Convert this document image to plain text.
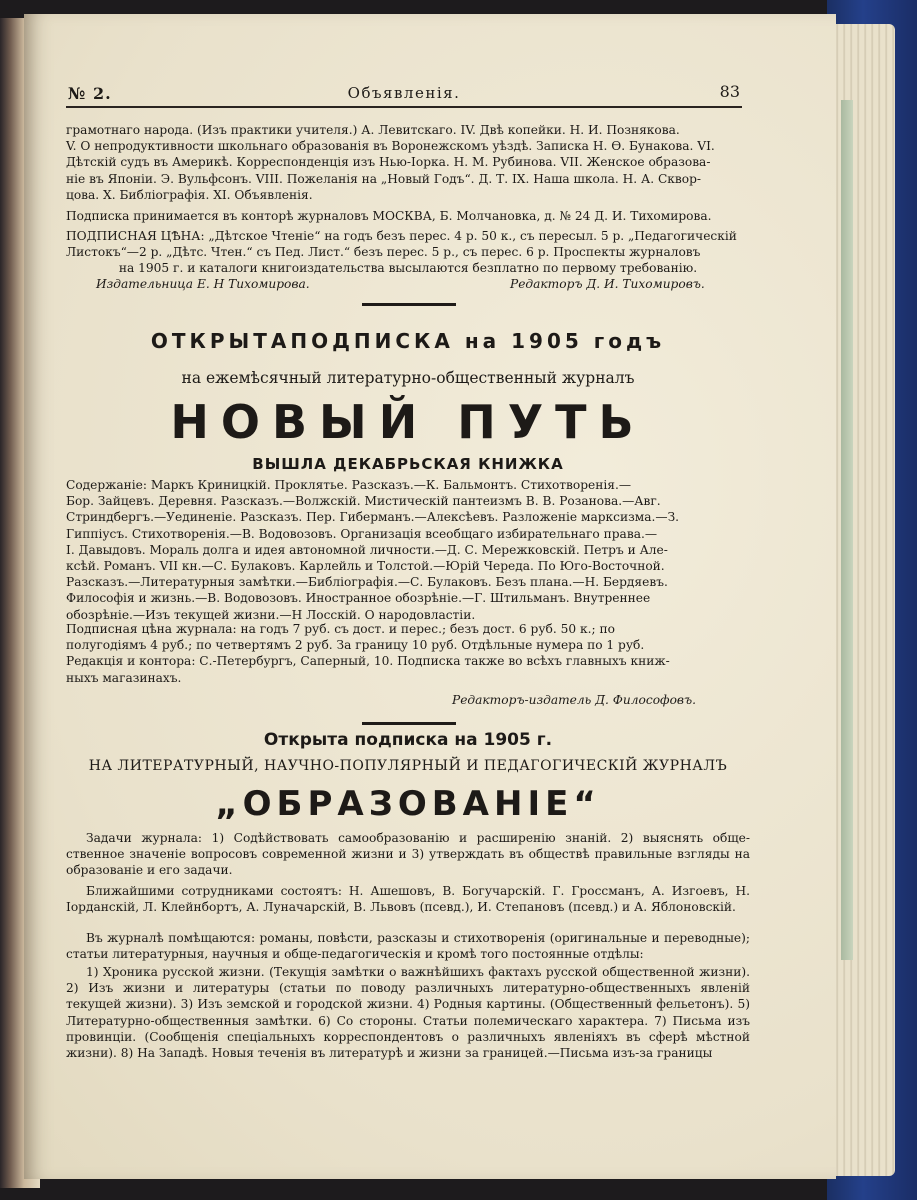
№ 2.	Объявленія.	83
грамотнаго народа. (Изъ практики учителя.) А. Левитскаго. IV. Двѣ копейки. Н. И. Познякова.
V. О непродуктивности школьнаго образованія въ Воронежскомъ уѣздѣ. Записка Н. Ѳ. Бунакова. VI.
Дѣтскій судъ въ Америкѣ. Корреспонденція изъ Нью-Іорка. Н. М. Рубинова. VII. Женское образова-
ніе въ Японіи. Э. Вульфсонъ. VIII. Пожеланія на „Новый Годъ“. Д. Т. IX. Наша школа. Н. А. Сквор-
цова. X. Библіографія. XI. Объявленія.
Подписка принимается въ конторѣ журналовъ МОСКВА, Б. Молчановка, д. № 24 Д. И. Тихомирова.
ПОДПИСНАЯ ЦѢНА: „Дѣтское Чтеніе“ на годъ безъ перес. 4 р. 50 к., съ пересыл. 5 р. „Педагогическій
Листокъ“—2 р. „Дѣтс. Чтен.“ съ Пед. Лист.“ безъ перес. 5 р., съ перес. 6 р. Проспекты журналовъ
на 1905 г. и каталоги книгоиздательства высылаются безплатно по первому требованію.
Издательница Е. Н Тихомирова.	Редакторъ Д. И. Тихомировъ.
ОТКРЫТАПОДПИСКА на 1905 годъ
на ежемѣсячный литературно-общественный журналъ
НОВЫЙ ПУТЬ
ВЫШЛА ДЕКАБРЬСКАЯ КНИЖКА
Содержаніе: Маркъ Криницкій. Проклятье. Разсказъ.—К. Бальмонтъ. Стихотворенія.—
Бор. Зайцевъ. Деревня. Разсказъ.—Волжскій. Мистическій пантеизмъ В. В. Розанова.—Авг.
Стриндбергъ.—Уединеніе. Разсказъ. Пер. Гиберманъ.—Алексѣевъ. Разложеніе марксизма.—З.
Гиппіусъ. Стихотворенія.—В. Водовозовъ. Организація всеобщаго избирательнаго права.—
І. Давыдовъ. Мораль долга и идея автономной личности.—Д. С. Мережковскій. Петръ и Але-
ксѣй. Романъ. VII кн.—С. Булаковъ. Карлейль и Толстой.—Юрій Череда. По Юго-Восточной.
Разсказъ.—Литературныя замѣтки.—Библіографія.—С. Булаковъ. Безъ плана.—Н. Бердяевъ.
Философія и жизнь.—В. Водовозовъ. Иностранное обозрѣніе.—Г. Штильманъ. Внутреннее
обозрѣніе.—Изъ текущей жизни.—Н Лосскій. О народовластіи.
Подписная цѣна журнала: на годъ 7 руб. съ дост. и перес.; безъ дост. 6 руб. 50 к.; по
полугодіямъ 4 руб.; по четвертямъ 2 руб. За границу 10 руб. Отдѣльные нумера по 1 руб.
Редакція и контора: С.-Петербургъ, Саперный, 10. Подписка также во всѣхъ главныхъ книж-
ныхъ магазинахъ.
Редакторъ-издатель Д. Философовъ.
Открыта подписка на 1905 г.
НА ЛИТЕРАТУРНЫЙ, НАУЧНО-ПОПУЛЯРНЫЙ И ПЕДАГОГИЧЕСКІЙ ЖУРНАЛЪ
„ОБРАЗОВАНІЕ“
Задачи журнала: 1) Содѣйствовать самообразованію и расширенію знаній. 2) выяснять обще- ственное значеніе вопросовъ современной жизни и 3) утверждать въ обществѣ правильные взгляды на образованіе и его задачи.
Ближайшими сотрудниками состоятъ: Н. Ашешовъ, В. Богучарскій. Г. Гроссманъ, А. Изгоевъ, Н. Іорданскій, Л. Клейнбортъ, А. Луначарскій, В. Львовъ (псевд.), И. Степановъ (псевд.) и А. Яблоновскій.
Въ журналѣ помѣщаются: романы, повѣсти, разсказы и стихотворенія (оригинальные и переводные); статьи литературныя, научныя и обще-педагогическія и кромѣ того постоянные отдѣлы:
1) Хроника русской жизни. (Текущія замѣтки о важнѣйшихъ фактахъ русской общественной жизни). 2) Изъ жизни и литературы (статьи по поводу различныхъ литературно-общественныхъ явленій текущей жизни). 3) Изъ земской и городской жизни. 4) Родныя картины. (Общественный фельетонъ). 5) Литературно-общественныя замѣтки. 6) Со стороны. Статьи полемическаго характера. 7) Письма изъ провинціи. (Сообщенія спеціальныхъ корреспондентовъ о различныхъ явленіяхъ въ сферѣ мѣстной жизни). 8) На Западѣ. Новыя теченія въ литературѣ и жизни за границей.—Письма изъ-за границы
